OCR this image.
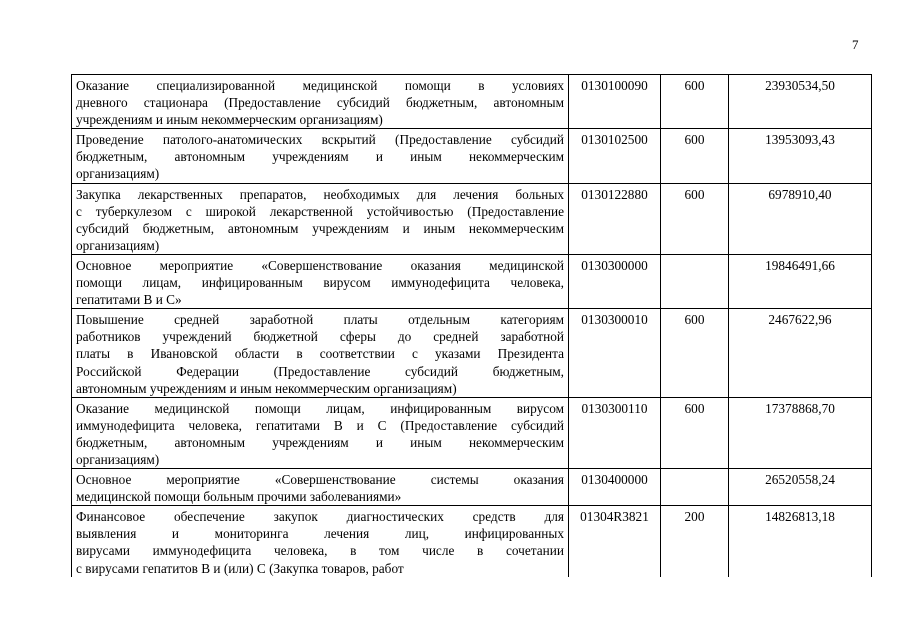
7
Оказание специализированной медицинской помощи в условиях
дневного стационара (Предоставление субсидий бюджетным, автономным
учреждениям и иным некоммерческим организациям)	0130100090	600	23930534,50

Проведение патолого-анатомических вскрытий (Предоставление субсидий
бюджетным, автономным учреждениям и иным некоммерческим
организациям)	0130102500	600	13953093,43

Закупка лекарственных препаратов, необходимых для лечения больных
с туберкулезом с широкой лекарственной устойчивостью (Предоставление
субсидий бюджетным, автономным учреждениям и иным некоммерческим
организациям)	0130122880	600	6978910,40

Основное мероприятие «Совершенствование оказания медицинской
помощи лицам, инфицированным вирусом иммунодефицита человека,
гепатитами В и С»	0130300000		19846491,66

Повышение средней заработной платы отдельным категориям
работников учреждений бюджетной сферы до средней заработной
платы в Ивановской области в соответствии с указами Президента
Российской Федерации (Предоставление субсидий бюджетным,
автономным учреждениям и иным некоммерческим организациям)	0130300010	600	2467622,96

Оказание медицинской помощи лицам, инфицированным вирусом
иммунодефицита человека, гепатитами В и С (Предоставление субсидий
бюджетным, автономным учреждениям и иным некоммерческим
организациям)	0130300110	600	17378868,70

Основное мероприятие «Совершенствование системы оказания
медицинской помощи больным прочими заболеваниями»	0130400000		26520558,24

Финансовое обеспечение закупок диагностических средств для
выявления и мониторинга лечения лиц, инфицированных
вирусами иммунодефицита человека, в том числе в сочетании
с вирусами гепатитов В и (или) С (Закупка товаров, работ	01304R3821	200	14826813,18
